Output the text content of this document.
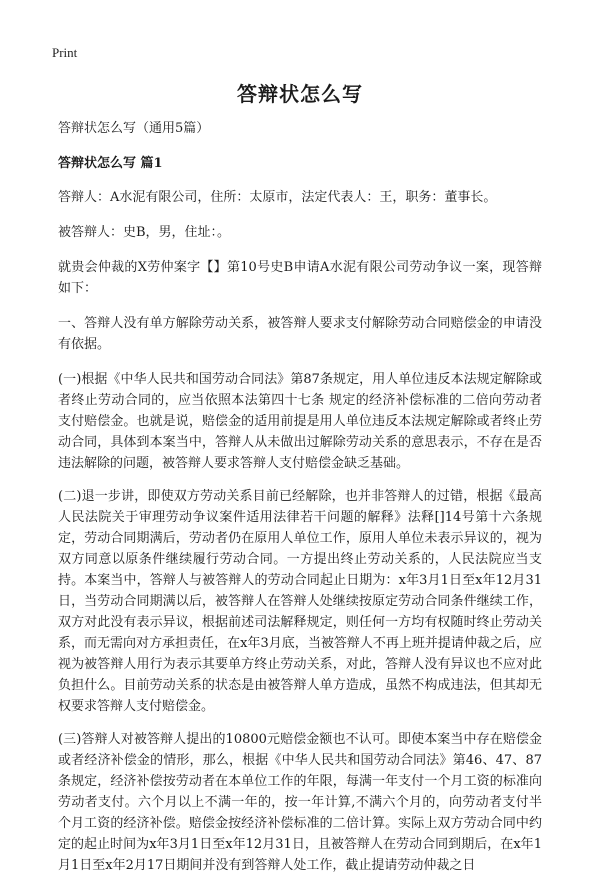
Print
答辩状怎么写

答辩状怎么写（通用5篇）

答辩状怎么写 篇1

答辩人：A水泥有限公司，住所：太原市，法定代表人：王，职务：董事长。

被答辩人：史B，男，住址：。

就贵会仲裁的X劳仲案字【】第10号史B申请A水泥有限公司劳动争议一案，现答辩如下：

一、答辩人没有单方解除劳动关系，被答辩人要求支付解除劳动合同赔偿金的申请没有依据。

(一)根据《中华人民共和国劳动合同法》第87条规定，用人单位违反本法规定解除或者终止劳动合同的，应当依照本法第四十七条 规定的经济补偿标准的二倍向劳动者支付赔偿金。也就是说，赔偿金的适用前提是用人单位违反本法规定解除或者终止劳动合同，具体到本案当中，答辩人从未做出过解除劳动关系的意思表示，不存在是否违法解除的问题，被答辩人要求答辩人支付赔偿金缺乏基础。

(二)退一步讲，即使双方劳动关系目前已经解除，也并非答辩人的过错，根据《最高人民法院关于审理劳动争议案件适用法律若干问题的解释》法释[]14号第十六条规定，劳动合同期满后，劳动者仍在原用人单位工作，原用人单位未表示异议的，视为双方同意以原条件继续履行劳动合同。一方提出终止劳动关系的，人民法院应当支持。本案当中，答辩人与被答辩人的劳动合同起止日期为：x年3月1日至x年12月31日，当劳动合同期满以后，被答辩人在答辩人处继续按原定劳动合同条件继续工作，双方对此没有表示异议，根据前述司法解释规定，则任何一方均有权随时终止劳动关系，而无需向对方承担责任，在x年3月底，当被答辩人不再上班并提请仲裁之后，应视为被答辩人用行为表示其要单方终止劳动关系，对此，答辩人没有异议也不应对此负担什么。目前劳动关系的状态是由被答辩人单方造成，虽然不构成违法，但其却无权要求答辩人支付赔偿金。

(三)答辩人对被答辩人提出的10800元赔偿金额也不认可。即使本案当中存在赔偿金或者经济补偿金的情形，那么，根据《中华人民共和国劳动合同法》第46、47、87条规定，经济补偿按劳动者在本单位工作的年限，每满一年支付一个月工资的标准向劳动者支付。六个月以上不满一年的，按一年计算,不满六个月的，向劳动者支付半个月工资的经济补偿。赔偿金按经济补偿标准的二倍计算。实际上双方劳动合同中约定的起止时间为x年3月1日至x年12月31日，且被答辩人在劳动合同到期后，在x年1月1日至x年2月17日期间并没有到答辩人处工作，截止提请劳动仲裁之日
